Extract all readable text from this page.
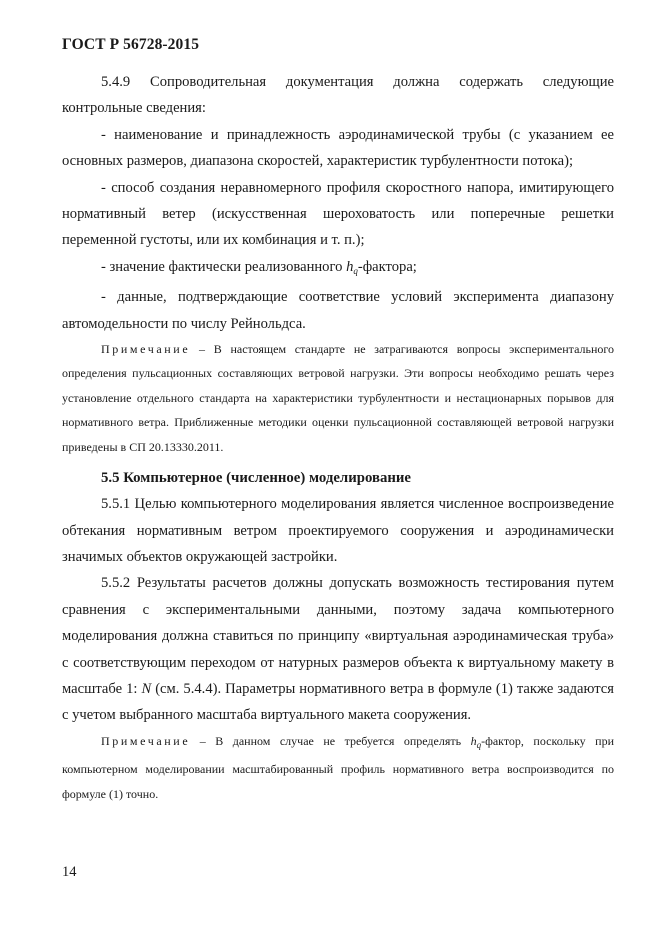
ГОСТ Р 56728-2015

5.4.9 Сопроводительная документация должна содержать следующие контрольные сведения:

- наименование и принадлежность аэродинамической трубы (с указанием ее основных размеров, диапазона скоростей, характеристик турбулентности потока);

- способ создания неравномерного профиля скоростного напора, имитирующего нормативный ветер (искусственная шероховатость или поперечные решетки переменной густоты, или их комбинация и т. п.);

- значение фактически реализованного $h_q$-фактора;

- данные, подтверждающие соответствие условий эксперимента диапазону автомодельности по числу Рейнольдса.

Примечание – В настоящем стандарте не затрагиваются вопросы экспериментального определения пульсационных составляющих ветровой нагрузки. Эти вопросы необходимо решать через установление отдельного стандарта на характеристики турбулентности и нестационарных порывов для нормативного ветра. Приближенные методики оценки пульсационной составляющей ветровой нагрузки приведены в СП 20.13330.2011.

5.5 Компьютерное (численное) моделирование

5.5.1 Целью компьютерного моделирования является численное воспроизведение обтекания нормативным ветром проектируемого сооружения и аэродинамически значимых объектов окружающей застройки.

5.5.2 Результаты расчетов должны допускать возможность тестирования путем сравнения с экспериментальными данными, поэтому задача компьютерного моделирования должна ставиться по принципу «виртуальная аэродинамическая труба» с соответствующим переходом от натурных размеров объекта к виртуальному макету в масштабе 1: N (см. 5.4.4). Параметры нормативного ветра в формуле (1) также задаются с учетом выбранного масштаба виртуального макета сооружения.

Примечание – В данном случае не требуется определять $h_q$-фактор, поскольку при компьютерном моделировании масштабированный профиль нормативного ветра воспроизводится по формуле (1) точно.

14
